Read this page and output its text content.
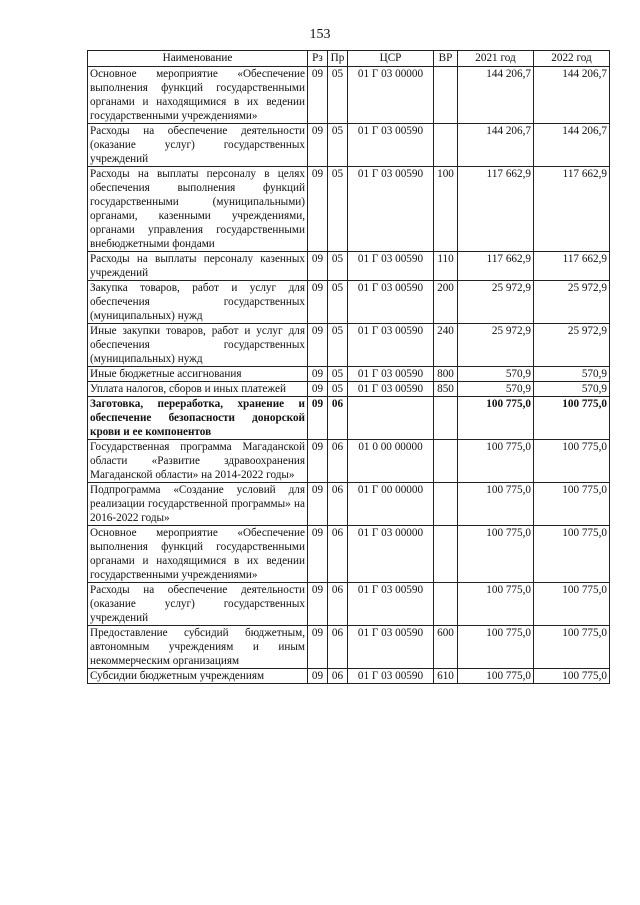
153
Наименование	Рз	Пр	ЦСР	ВР	2021 год	2022 год
Основное мероприятие «Обеспечение выполнения функций государственными органами и находящимися в их ведении государственными учреждениями»	09	05	01 Г 03 00000		144 206,7	144 206,7
Расходы на обеспечение деятельности (оказание услуг) государственных учреждений	09	05	01 Г 03 00590		144 206,7	144 206,7
Расходы на выплаты персоналу в целях обеспечения выполнения функций государственными (муниципальными) органами, казенными учреждениями, органами управления государственными внебюджетными фондами	09	05	01 Г 03 00590	100	117 662,9	117 662,9
Расходы на выплаты персоналу казенных учреждений	09	05	01 Г 03 00590	110	117 662,9	117 662,9
Закупка товаров, работ и услуг для обеспечения государственных (муниципальных) нужд	09	05	01 Г 03 00590	200	25 972,9	25 972,9
Иные закупки товаров, работ и услуг для обеспечения государственных (муниципальных) нужд	09	05	01 Г 03 00590	240	25 972,9	25 972,9
Иные бюджетные ассигнования	09	05	01 Г 03 00590	800	570,9	570,9
Уплата налогов, сборов и иных платежей	09	05	01 Г 03 00590	850	570,9	570,9
Заготовка, переработка, хранение и обеспечение безопасности донорской крови и ее компонентов	09	06			100 775,0	100 775,0
Государственная программа Магаданской области «Развитие здравоохранения Магаданской области» на 2014-2022 годы»	09	06	01 0 00 00000		100 775,0	100 775,0
Подпрограмма «Создание условий для реализации государственной программы» на 2016-2022 годы»	09	06	01 Г 00 00000		100 775,0	100 775,0
Основное мероприятие «Обеспечение выполнения функций государственными органами и находящимися в их ведении государственными учреждениями»	09	06	01 Г 03 00000		100 775,0	100 775,0
Расходы на обеспечение деятельности (оказание услуг) государственных учреждений	09	06	01 Г 03 00590		100 775,0	100 775,0
Предоставление субсидий бюджетным, автономным учреждениям и иным некоммерческим организациям	09	06	01 Г 03 00590	600	100 775,0	100 775,0
Субсидии бюджетным учреждениям	09	06	01 Г 03 00590	610	100 775,0	100 775,0
